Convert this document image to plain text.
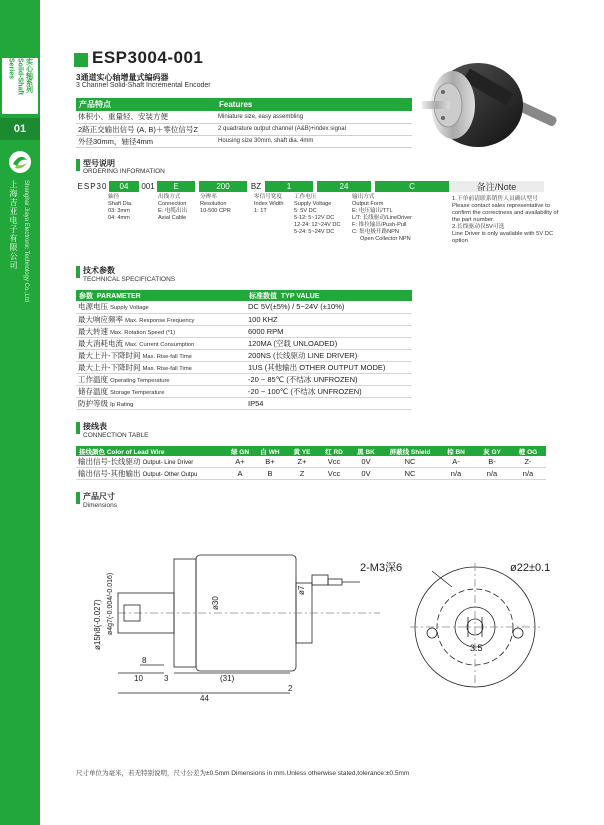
实心轴系列 Solid-Shaft Series
01
上海吉亚电子有限公司 Shanghai Jiaya Electronic Technology Co.,Ltd
ESP3004-001
3通道实心轴增量式编码器
3 Channel Solid-Shaft Incremental Encoder
产品特点	Features
体积小、重量轻、安装方便	Miniature size, easy assembling
2路正交输出信号 (A, B)＋零位信号Z	2 quadrature output channel (A&B)+index signal
外径30mm，轴径4mm	Housing size 30mm, shaft dia. 4mm
型号说明
ORDERING INFORMATION
ESP30	04	001	E	200	BZ	1	24	C	备注/Note
轴径
Shaft Dia.
03: 3mm
04: 4mm
出线方式
Connection
E: 电缆出出
Axial Cable
分辨率
Resolution
10-500 CPR
零信号宽度
Index Width
1: 1T
工作电压
Supply Voltage
5: 5V DC
5-12: 5~12V DC
12-24: 12~24V DC
5-24: 5~24V DC
输出方式
Output Form
E: 电压输出/TTL
L/T: 长线驱动/LineDriver
F: 推拉输出/Push-Pull
C: 集电极开路NPN
Open Collector NPN
1.下单前请联系销售人员确认型号
Please contact sales representative to
confirm the correctness and availability of
the part number.
2.长线驱动仅5V可选
Line Driver is only available with 5V DC
option
技术参数
TECHNICAL SPECIFICATIONS
参数 PARAMETER	标准数值 TYP VALUE
电源电压 Supply Voltage	DC 5V(±5%) / 5~24V (±10%)
最大响应频率 Max. Response Frequency	100 KHZ
最大转速 Max. Rotation Speed (*1)	6000 RPM
最大消耗电流 Max. Current Consumption	120MA (空载 UNLOADED)
最大上升-下降时间 Max. Rise-fall Time	200NS (长线驱动 LINE DRIVER)
最大上升-下降时间 Max. Rise-fall Time	1US (其他输出 OTHER OUTPUT MODE)
工作温度 Operating Temperature	-20 ~ 85℃ (不结冰 UNFROZEN)
储存温度 Storage Temperature	-20 ~ 100℃ (不结冰 UNFROZEN)
防护等级 Ip Rating	IP54
接线表
CONNECTION TABLE
接线颜色 Color of Lead Wire	绿 GN	白 WH	黄 YE	红 RD	黑 BK	屏蔽线 Shield	棕 BN	灰 GY	橙 OG
输出信号-长线驱动 Output- Line Driver	A+	B+	Z+	Vcc	0V	NC	A-	B-	Z-
输出信号-其他输出 Output- Other Outpu	A	B	Z	Vcc	0V	NC	n/a	n/a	n/a
产品尺寸
Dimensions
8
10	3	(31)
2
44
ø15h8(-0.027) ø4g7(-0.004/-0.016)	ø30
ø7
2-M3深6	ø22±0.1
3.5
尺寸单位为毫米，若无特别说明，尺寸公差为±0.5mm Dimensions in mm.Unless otherwise stated,tolerance:±0.5mm
